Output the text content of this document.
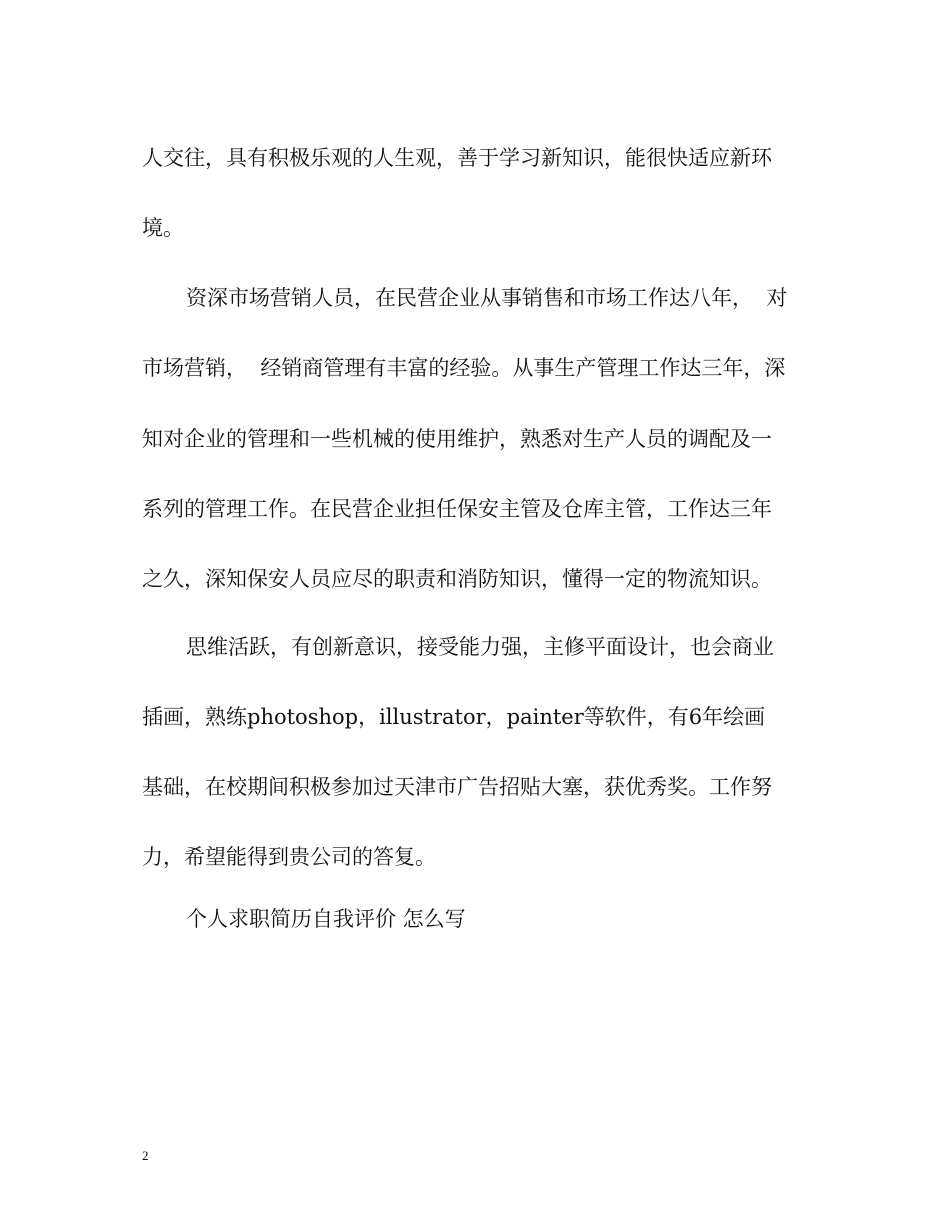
人交往，具有积极乐观的人生观，善于学习新知识，能很快适应新环
境。
资深市场营销人员，在民营企业从事销售和市场工作达八年，  对
市场营销，  经销商管理有丰富的经验。从事生产管理工作达三年，深
知对企业的管理和一些机械的使用维护，熟悉对生产人员的调配及一
系列的管理工作。在民营企业担任保安主管及仓库主管，工作达三年
之久，深知保安人员应尽的职责和消防知识，懂得一定的物流知识。
思维活跃，有创新意识，接受能力强，主修平面设计，也会商业
插画，熟练photoshop，illustrator，painter等软件，有6年绘画
基础，在校期间积极参加过天津市广告招贴大塞，获优秀奖。工作努
力，希望能得到贵公司的答复。
个人求职简历自我评价 怎么写
2
